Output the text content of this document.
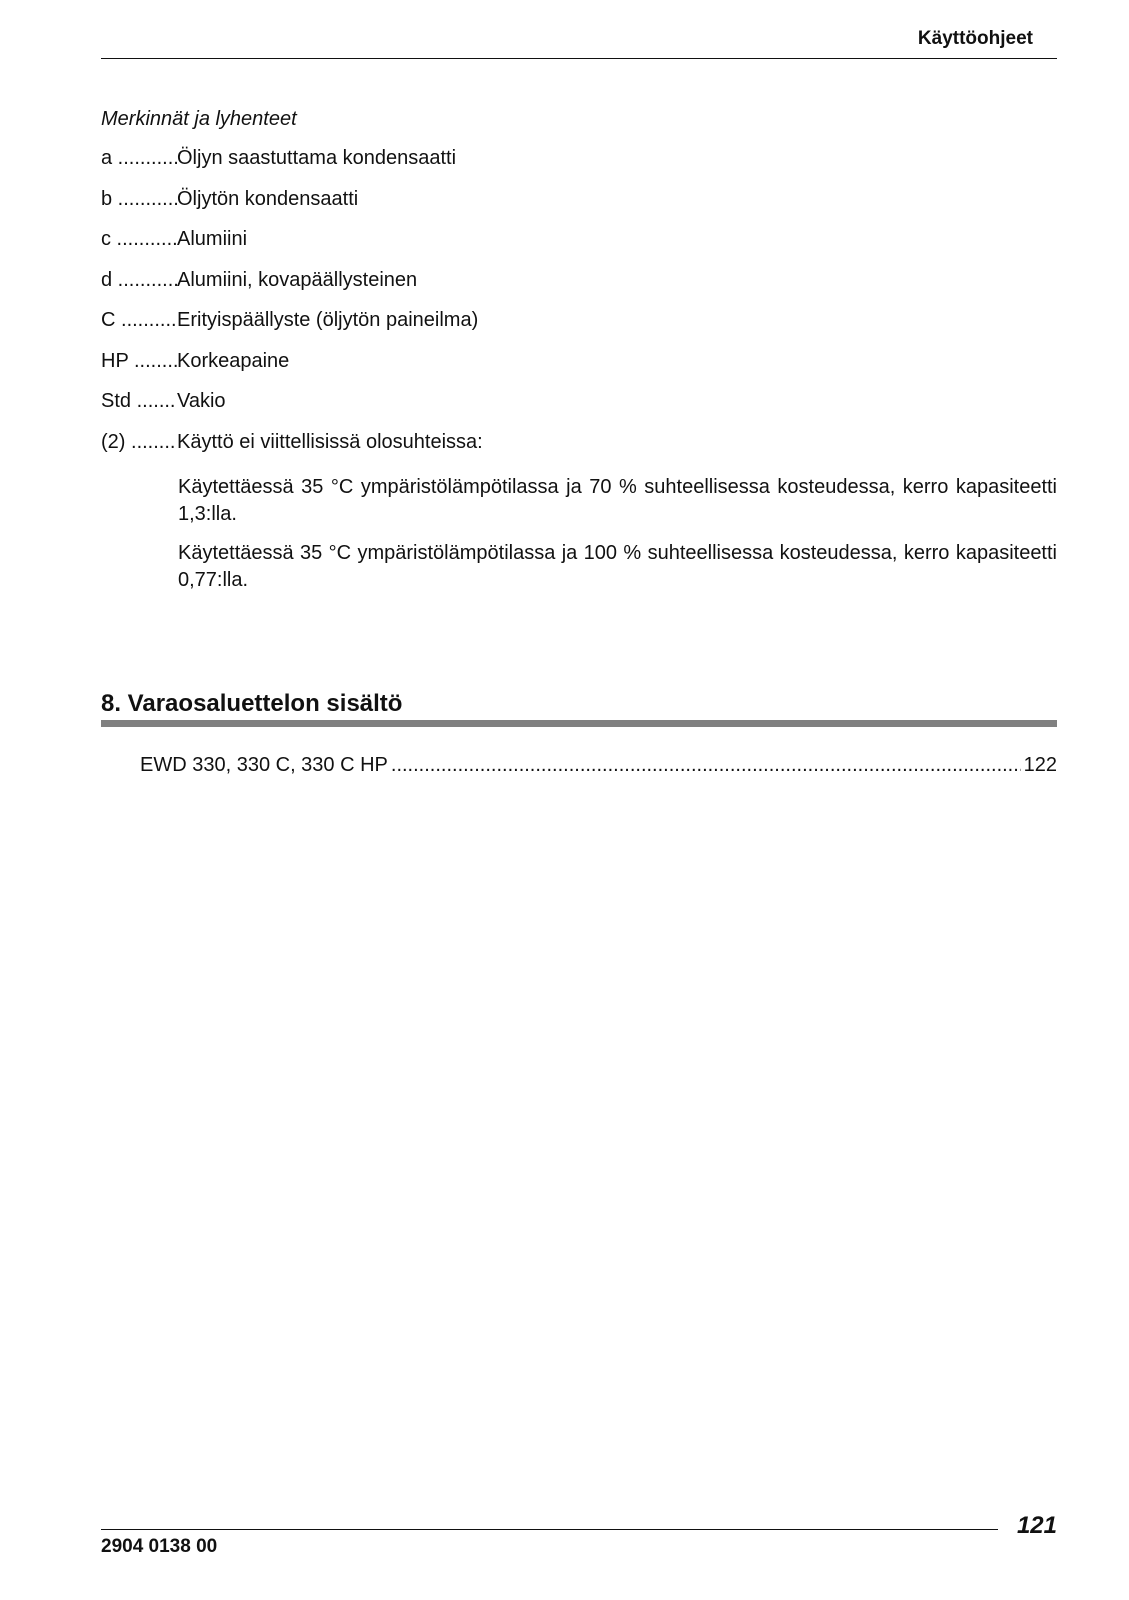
Käyttöohjeet
Merkinnät ja lyhenteet
a .....	Öljyn saastuttama kondensaatti
b .....	Öljytön kondensaatti
c .....	Alumiini
d .....	Alumiini, kovapäällysteinen
C .....	Erityispäällyste (öljytön paineilma)
HP .....	Korkeapaine
Std .....	Vakio
(2) .....	Käyttö ei viittellisissä olosuhteissa:
Käytettäessä 35 °C ympäristölämpötilassa ja 70 % suhteellisessa kosteudessa, kerro kapasiteetti 1,3:lla.
Käytettäessä 35 °C ympäristölämpötilassa ja 100 % suhteellisessa kosteudessa, kerro kapasiteetti 0,77:lla.
8. Varaosaluettelon sisältö
EWD 330, 330 C, 330 C HP
.....	122
2904 0138 00
121
